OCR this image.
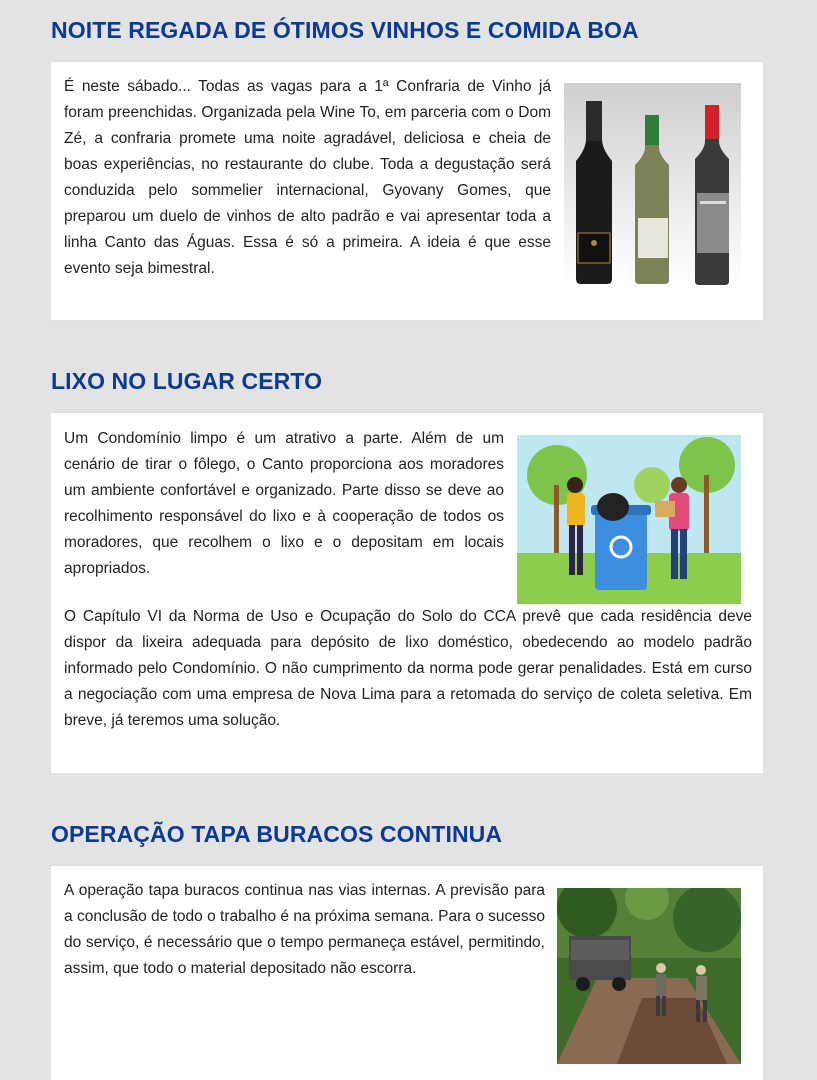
NOITE REGADA DE ÓTIMOS VINHOS E COMIDA BOA

É neste sábado... Todas as vagas para a 1ª Confraria de Vinho já foram preenchidas. Organizada pela Wine To, em parceria com o Dom Zé, a confraria promete uma noite agradável, deliciosa e cheia de boas experiências, no restaurante do clube. Toda a degustação será conduzida pelo sommelier internacional, Gyovany Gomes, que preparou um duelo de vinhos de alto padrão e vai apresentar toda a linha Canto das Águas. Essa é só a primeira. A ideia é que esse evento seja bimestral.

LIXO NO LUGAR CERTO

Um Condomínio limpo é um atrativo a parte. Além de um cenário de tirar o fôlego, o Canto proporciona aos moradores um ambiente confortável e organizado. Parte disso se deve ao recolhimento responsável do lixo e à cooperação de todos os moradores, que recolhem o lixo e o depositam em locais apropriados.

O Capítulo VI da Norma de Uso e Ocupação do Solo do CCA prevê que cada residência deve dispor da lixeira adequada para depósito de lixo doméstico, obedecendo ao modelo padrão informado pelo Condomínio. O não cumprimento da norma pode gerar penalidades. Está em curso a negociação com uma empresa de Nova Lima para a retomada do serviço de coleta seletiva. Em breve, já teremos uma solução.

OPERAÇÃO TAPA BURACOS CONTINUA

A operação tapa buracos continua nas vias internas. A previsão para a conclusão de todo o trabalho é na próxima semana. Para o sucesso do serviço, é necessário que o tempo permaneça estável, permitindo, assim, que todo o material depositado não escorra.
